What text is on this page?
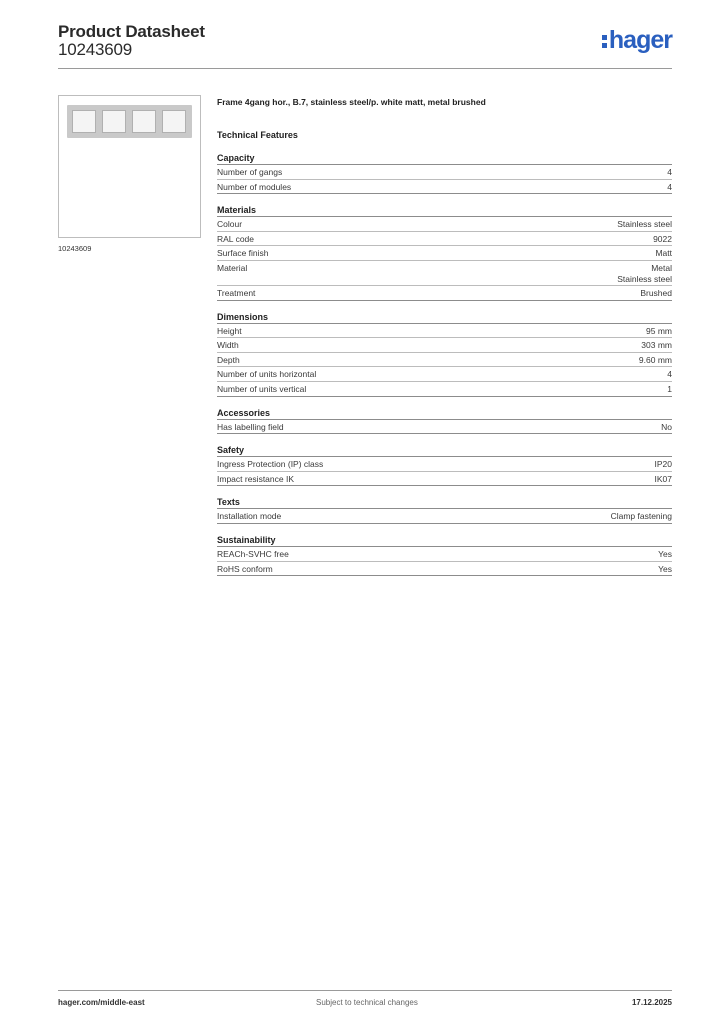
Product Datasheet
10243609	hager
10243609
Frame 4gang hor., B.7, stainless steel/p. white matt, metal brushed
Technical Features
Capacity
Number of gangs	4
Number of modules	4
Materials
Colour	Stainless steel
RAL code	9022
Surface finish	Matt
Material	Metal
Stainless steel
Treatment	Brushed
Dimensions
Height	95 mm
Width	303 mm
Depth	9.60 mm
Number of units horizontal	4
Number of units vertical	1
Accessories
Has labelling field	No
Safety
Ingress Protection (IP) class	IP20
Impact resistance IK	IK07
Texts
Installation mode	Clamp fastening
Sustainability
REACh-SVHC free	Yes
RoHS conform	Yes
hager.com/middle-east	Subject to technical changes	17.12.2025
